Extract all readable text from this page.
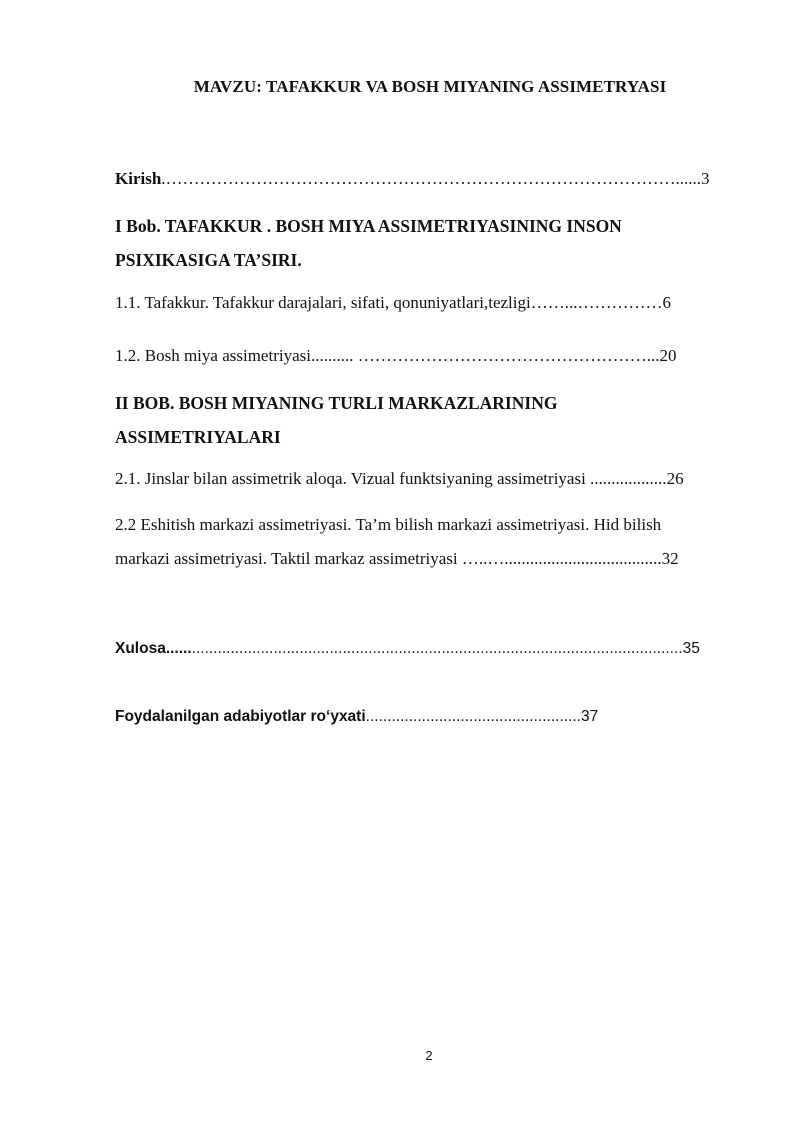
MAVZU: TAFAKKUR VA BOSH MIYANING ASSIMETRYASI
Kirish.………………………………………………………………………………......3
I Bob. TAFAKKUR . BOSH MIYA ASSIMETRIYASINING INSON
PSIXIKASIGA TA’SIRI.
1.1. Tafakkur. Tafakkur darajalari, sifati, qonuniyatlari,tezligi……...……………6
1.2. Bosh miya assimetriyasi.......... ……………………………………………...20
II BOB. BOSH MIYANING TURLI MARKAZLARINING
ASSIMETRIYALARI
2.1. Jinslar bilan assimetrik aloqa. Vizual funktsiyaning assimetriyasi ..................26
2.2 Eshitish markazi assimetriyasi. Ta’m bilish markazi assimetriyasi. Hid bilish
markazi assimetriyasi. Taktil markaz assimetriyasi …..….....................................32
Xulosa........................................................................................................................35
Foydalanilgan adabiyotlar ro‘yxati..................................................37
2
